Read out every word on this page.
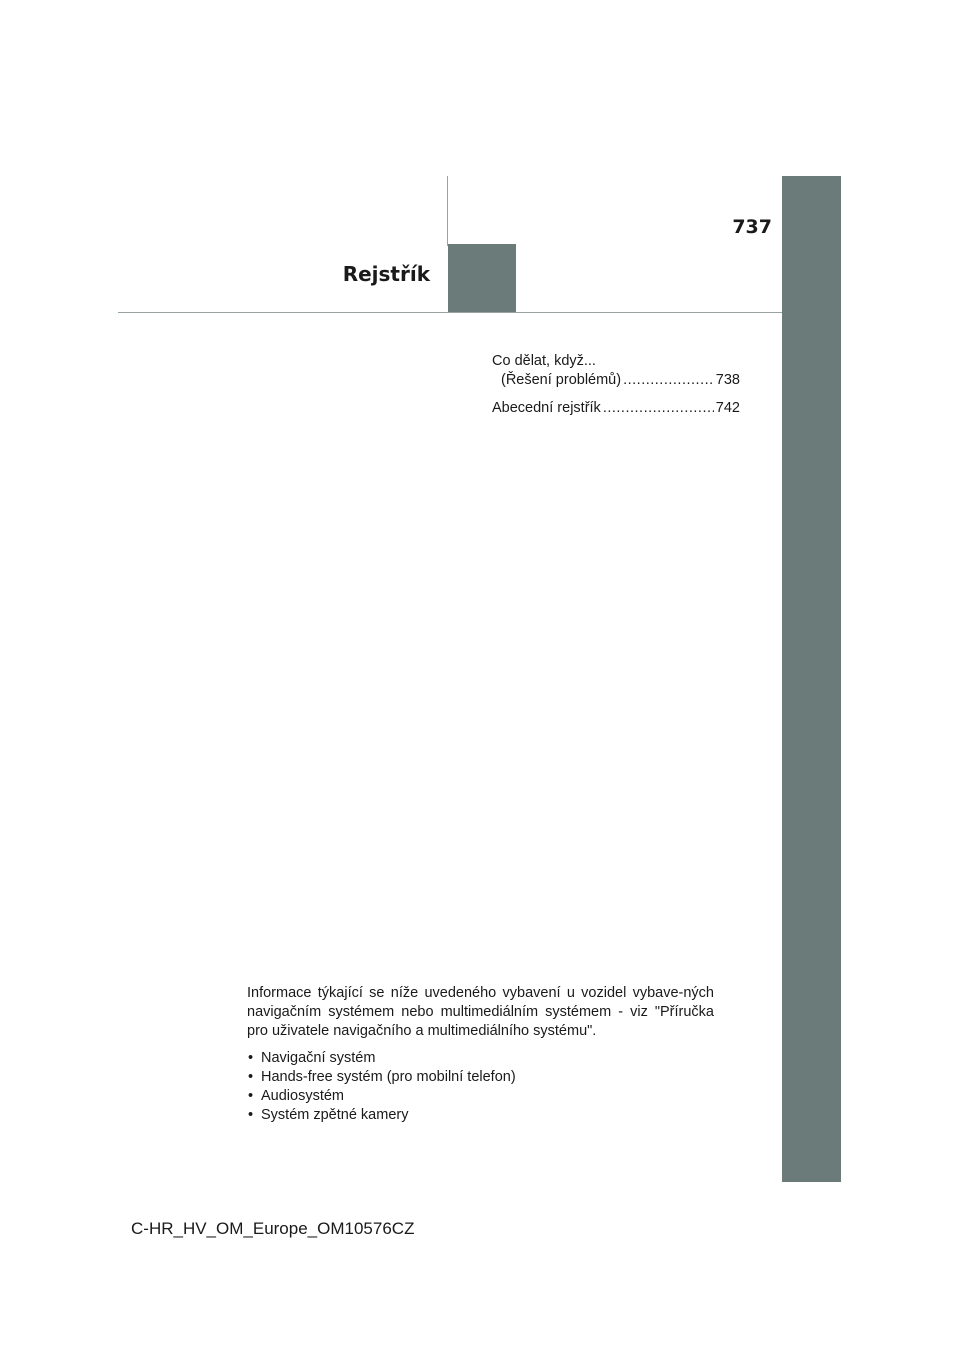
737
Rejstřík
Co dělat, když...
(Řešení problémů) .....	738
Abecední rejstřík .....	742

Informace týkající se níže uvedeného vybavení u vozidel vybave-ných navigačním systémem nebo multimediálním systémem - viz "Příručka pro uživatele navigačního a multimediálního systému".

• Navigační systém
• Hands-free systém (pro mobilní telefon)
• Audiosystém
• Systém zpětné kamery
C-HR_HV_OM_Europe_OM10576CZ
